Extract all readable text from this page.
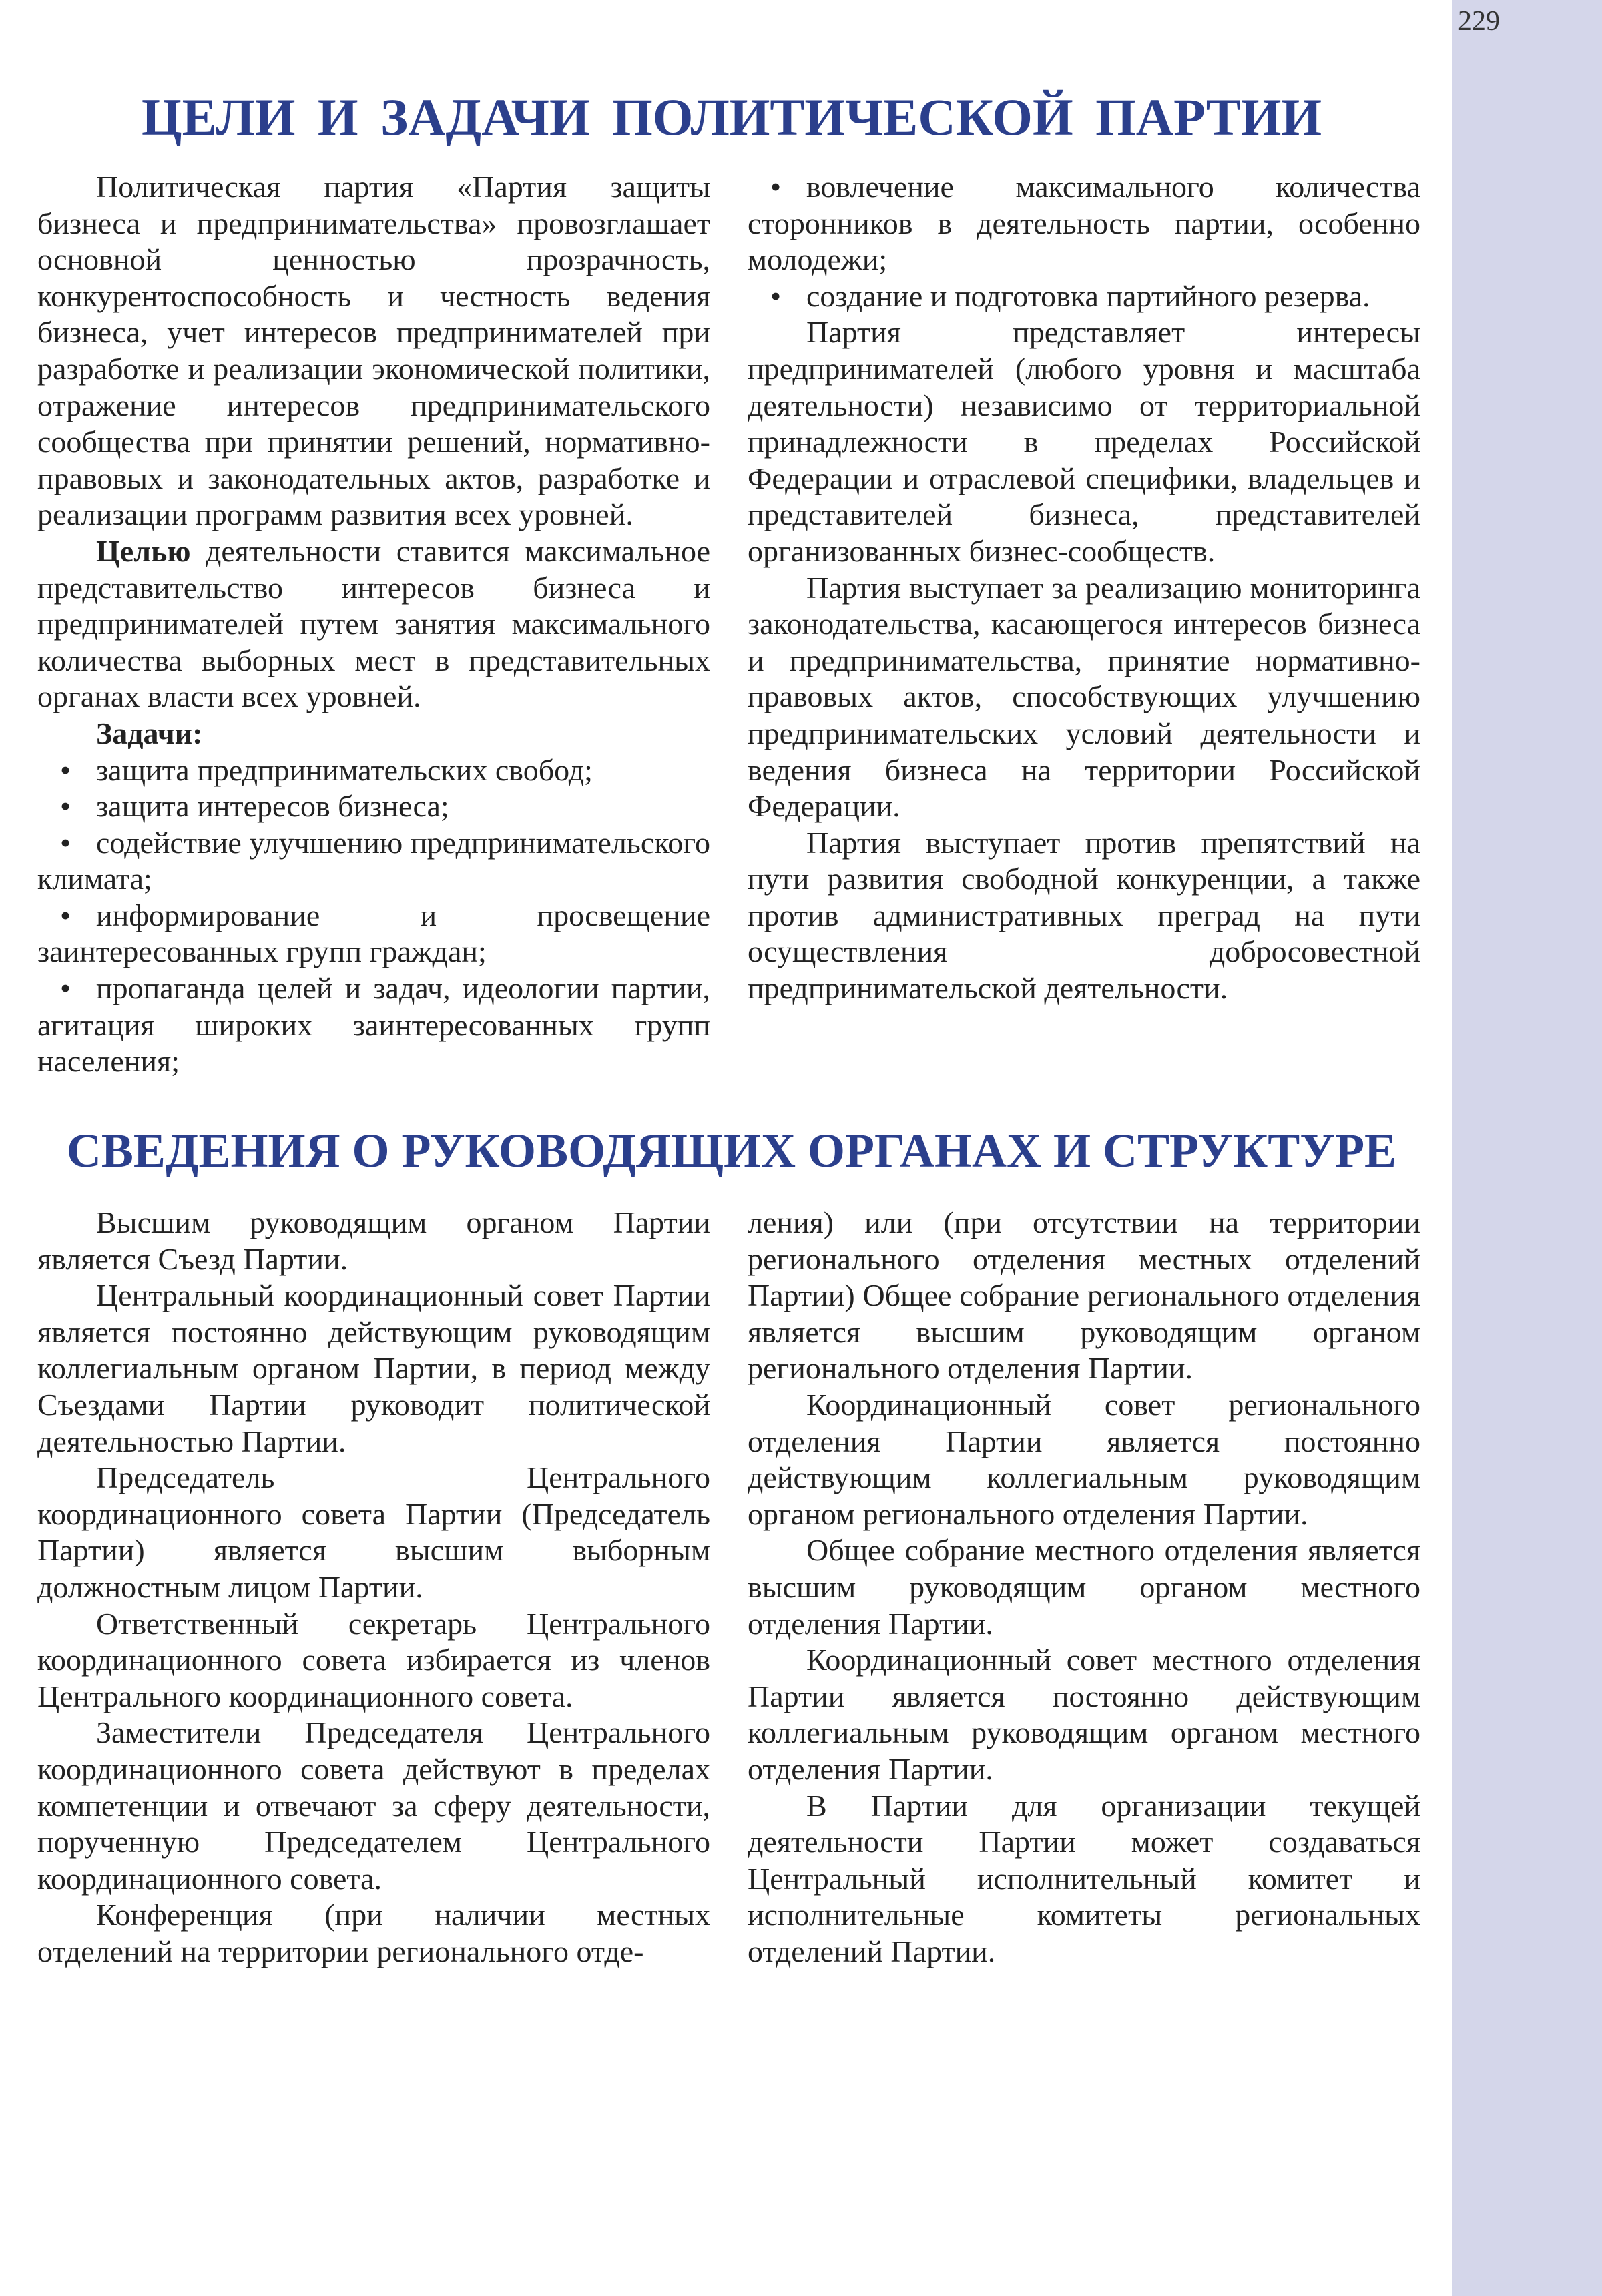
229
ЦЕЛИ И ЗАДАЧИ ПОЛИТИЧЕСКОЙ ПАРТИИ

Политическая партия «Партия защиты бизнеса и предпринимательства» провозглашает основной ценностью прозрачность, конкурентоспособность и честность ведения бизнеса, учет интересов предпринимателей при разработке и реализации экономической политики, отражение интересов предпринимательского сообщества при принятии решений, нормативно-правовых и законодательных актов, разработке и реализации программ развития всех уровней.

Целью деятельности ставится максимальное представительство интересов бизнеса и предпринимателей путем занятия максимального количества выборных мест в представительных органах власти всех уровней.

Задачи:

защита предпринимательских свобод;

защита интересов бизнеса;

содействие улучшению предпринимательского климата;

информирование и просвещение заинтересованных групп граждан;

пропаганда целей и задач, идеологии партии, агитация широких заинтересованных групп населения;

вовлечение максимального количества сторонников в деятельность партии, особенно молодежи;

создание и подготовка партийного резерва.

Партия представляет интересы предпринимателей (любого уровня и масштаба деятельности) независимо от территориальной принадлежности в пределах Российской Федерации и отраслевой специфики, владельцев и представителей бизнеса, представителей организованных бизнес-сообществ.

Партия выступает за реализацию мониторинга законодательства, касающегося интересов бизнеса и предпринимательства, принятие нормативно-правовых актов, способствующих улучшению предпринимательских условий деятельности и ведения бизнеса на территории Российской Федерации.

Партия выступает против препятствий на пути развития свободной конкуренции, а также против административных преград на пути осуществления добросовестной предпринимательской деятельности.

СВЕДЕНИЯ О РУКОВОДЯЩИХ ОРГАНАХ И СТРУКТУРЕ

Высшим руководящим органом Партии является Съезд Партии.

Центральный координационный совет Партии является постоянно действующим руководящим коллегиальным органом Партии, в период между Съездами Партии руководит политической деятельностью Партии.

Председатель Центрального координационного совета Партии (Председатель Партии) является высшим выборным должностным лицом Партии.

Ответственный секретарь Центрального координационного совета избирается из членов Центрального координационного совета.

Заместители Председателя Центрального координационного совета действуют в пределах компетенции и отвечают за сферу деятельности, порученную Председателем Центрального координационного совета.

Конференция (при наличии местных отделений на территории регионального отде-

ления) или (при отсутствии на территории регионального отделения местных отделений Партии) Общее собрание регионального отделения является высшим руководящим органом регионального отделения Партии.

Координационный совет регионального отделения Партии является постоянно действующим коллегиальным руководящим органом регионального отделения Партии.

Общее собрание местного отделения является высшим руководящим органом местного отделения Партии.

Координационный совет местного отделения Партии является постоянно действующим коллегиальным руководящим органом местного отделения Партии.

В Партии для организации текущей деятельности Партии может создаваться Центральный исполнительный комитет и исполнительные комитеты региональных отделений Партии.
